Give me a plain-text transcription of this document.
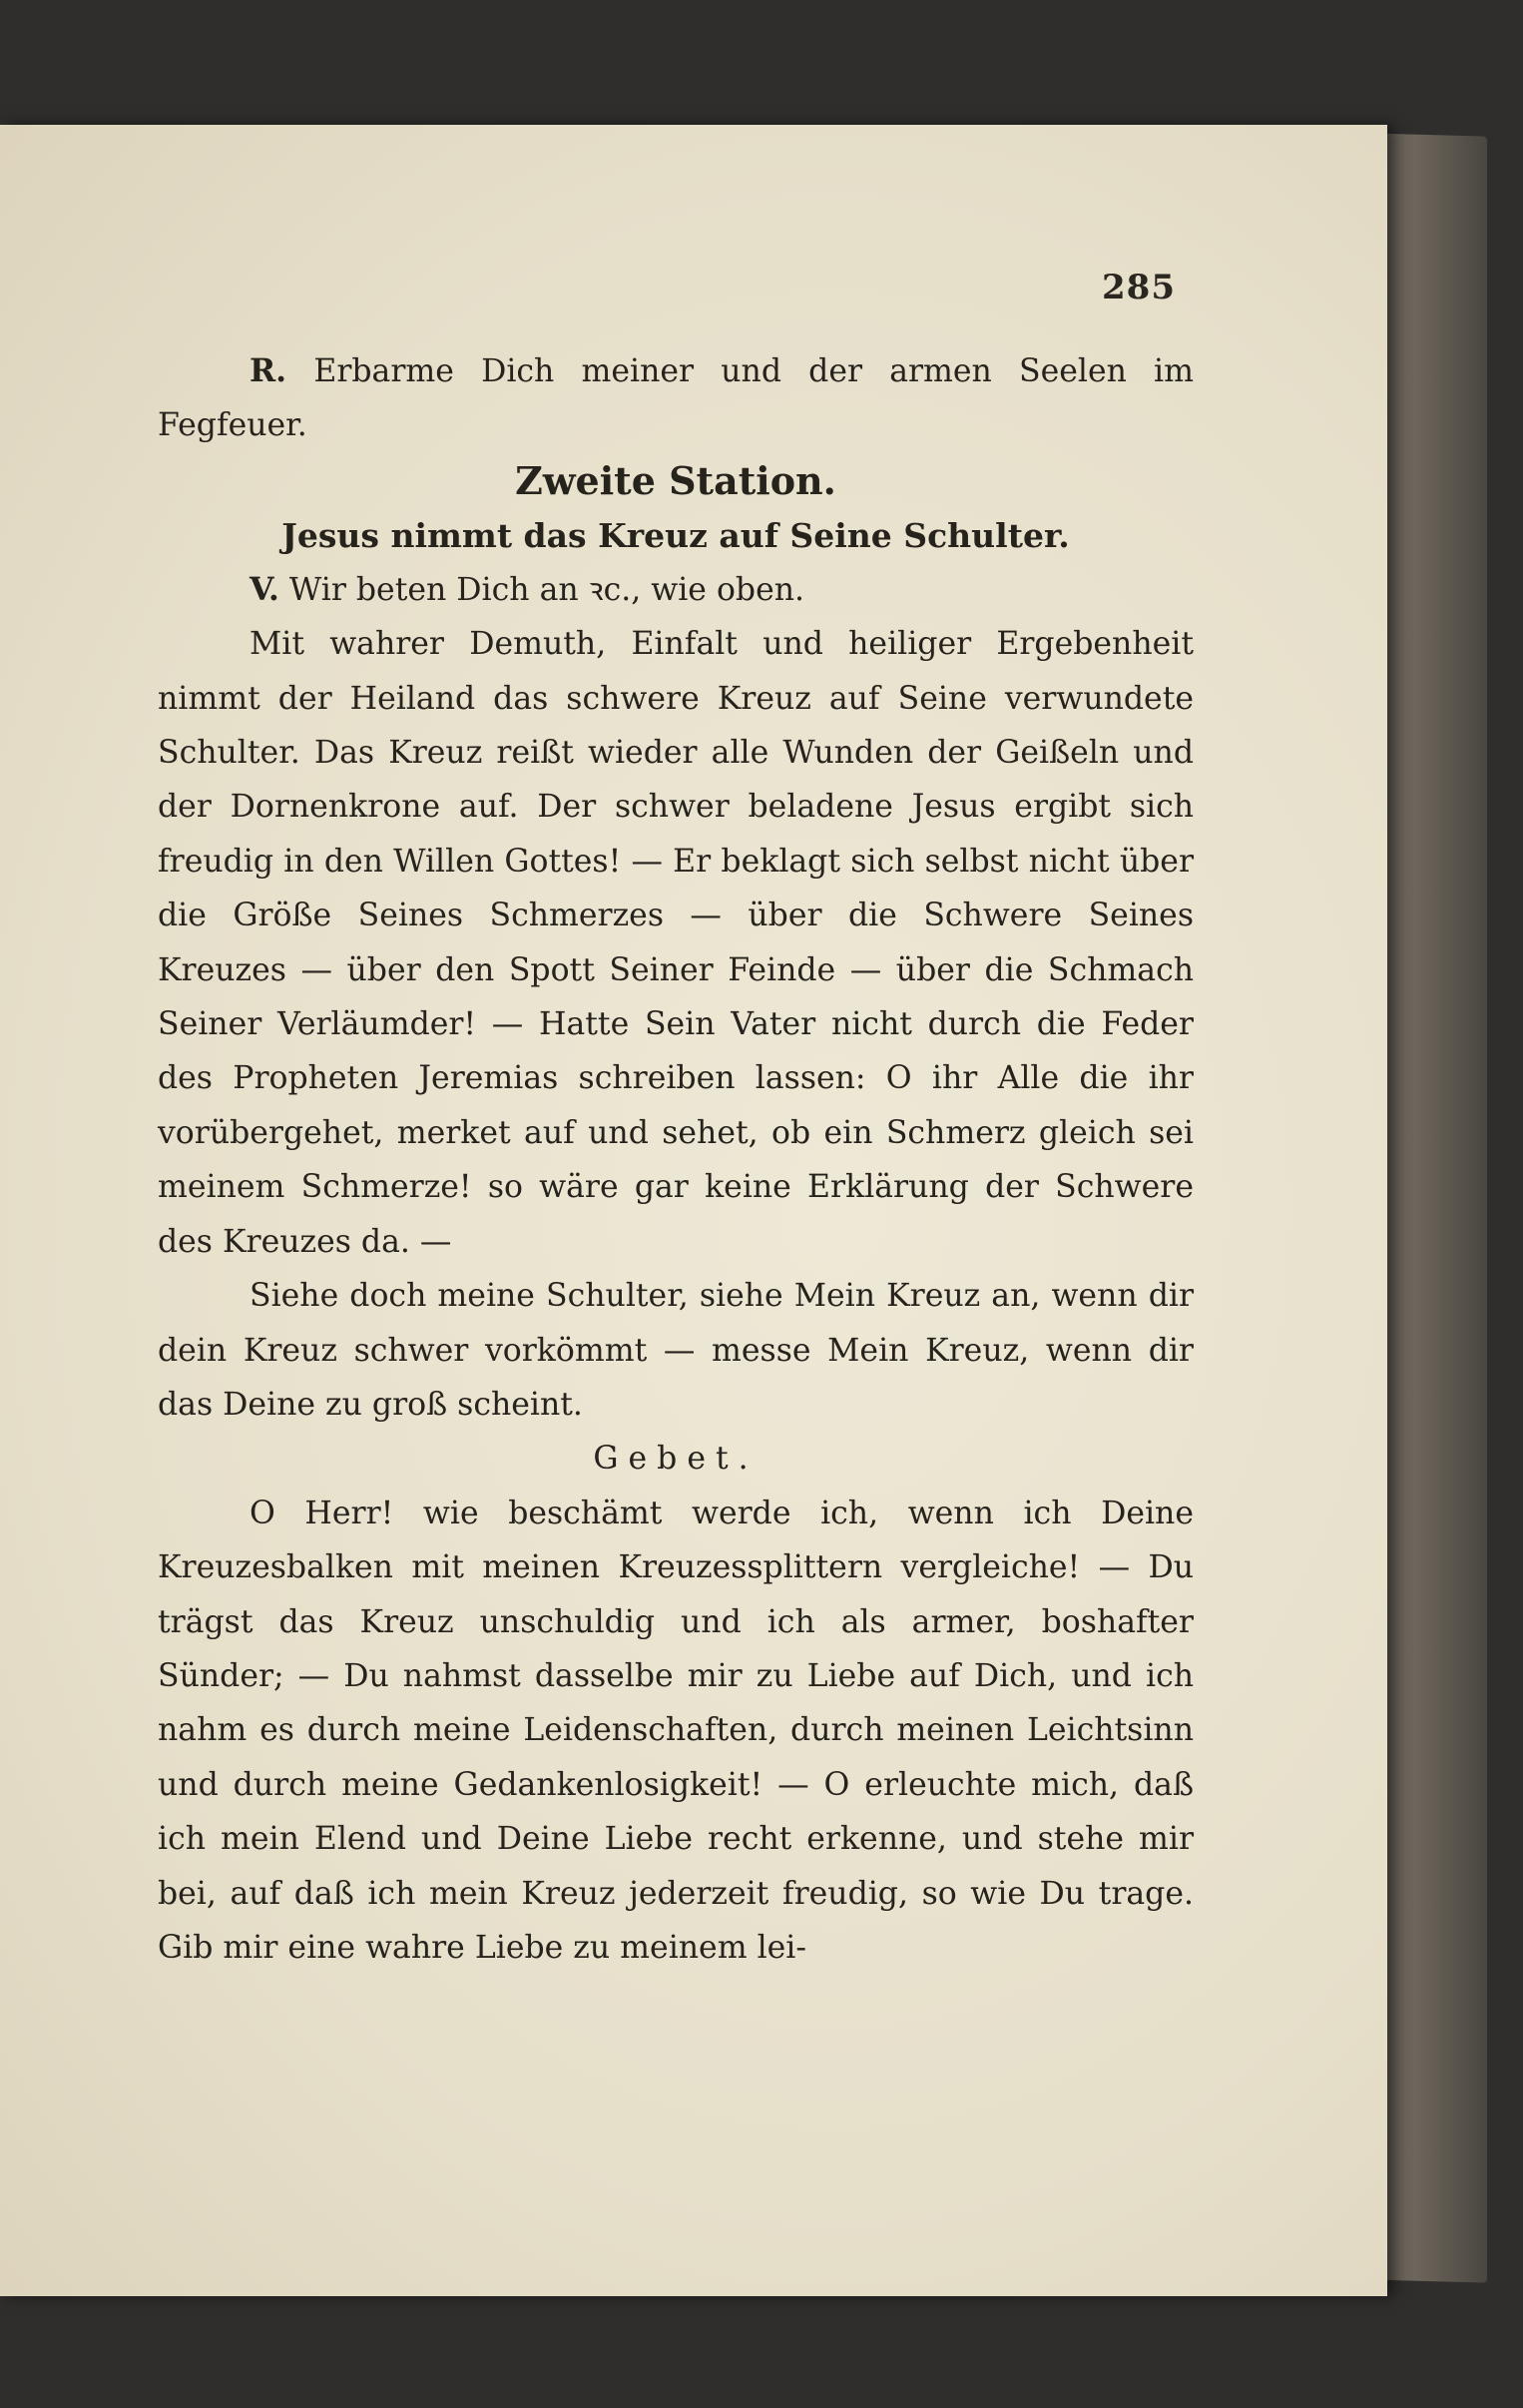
285

R. Erbarme Dich meiner und der armen Seelen im Fegfeuer.

Zweite Station.

Jesus nimmt das Kreuz auf Seine Schulter.

V. Wir beten Dich an ꝛc., wie oben.

Mit wahrer Demuth, Einfalt und heiliger Ergebenheit nimmt der Heiland das schwere Kreuz auf Seine verwundete Schulter. Das Kreuz reißt wieder alle Wunden der Geißeln und der Dornenkrone auf. Der schwer beladene Jesus ergibt sich freudig in den Willen Gottes! — Er beklagt sich selbst nicht über die Größe Seines Schmerzes — über die Schwere Seines Kreuzes — über den Spott Seiner Feinde — über die Schmach Seiner Verläumder! — Hatte Sein Vater nicht durch die Feder des Propheten Jeremias schreiben lassen: O ihr Alle die ihr vorübergehet, merket auf und sehet, ob ein Schmerz gleich sei meinem Schmerze! so wäre gar keine Erklärung der Schwere des Kreuzes da. —

Siehe doch meine Schulter, siehe Mein Kreuz an, wenn dir dein Kreuz schwer vorkömmt — messe Mein Kreuz, wenn dir das Deine zu groß scheint.

Gebet.

O Herr! wie beschämt werde ich, wenn ich Deine Kreuzesbalken mit meinen Kreuzessplittern vergleiche! — Du trägst das Kreuz unschuldig und ich als armer, boshafter Sünder; — Du nahmst dasselbe mir zu Liebe auf Dich, und ich nahm es durch meine Leidenschaften, durch meinen Leichtsinn und durch meine Gedankenlosigkeit! — O erleuchte mich, daß ich mein Elend und Deine Liebe recht erkenne, und stehe mir bei, auf daß ich mein Kreuz jederzeit freudig, so wie Du trage. Gib mir eine wahre Liebe zu meinem lei-
